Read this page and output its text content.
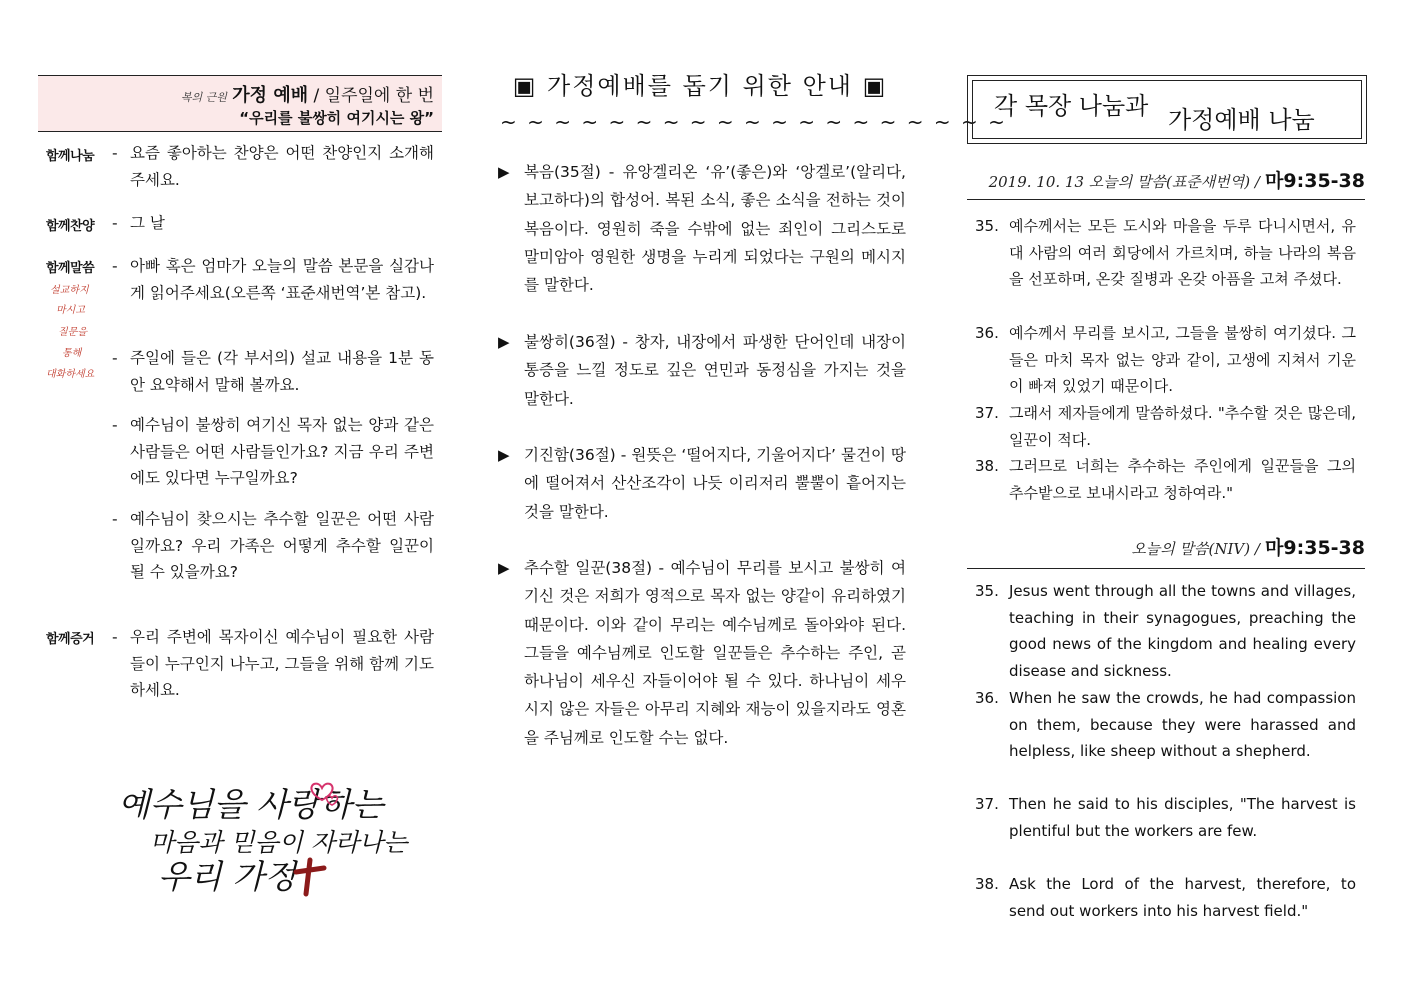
복의 근원 가정 예배 / 일주일에 한 번
“우리를 불쌍히 여기시는 왕”
함께나눔 - 요즘 좋아하는 찬양은 어떤 찬양인지 소개해 주세요.
함께찬양 - 그 날
함께말씀
설교하지
마시고
질문을
통해
대화하세요
- 아빠 혹은 엄마가 오늘의 말씀 본문을 실감나게 읽어주세요(오른쪽 ‘표준새번역’본 참고).
- 주일에 들은 (각 부서의) 설교 내용을 1분 동안 요약해서 말해 볼까요.
- 예수님이 불쌍히 여기신 목자 없는 양과 같은 사람들은 어떤 사람들인가요? 지금 우리 주변에도 있다면 누구일까요?
- 예수님이 찾으시는 추수할 일꾼은 어떤 사람일까요? 우리 가족은 어떻게 추수할 일꾼이 될 수 있을까요?
함께증거 - 우리 주변에 목자이신 예수님이 필요한 사람들이 누구인지 나누고, 그들을 위해 함께 기도하세요.
예수님을 사랑하는
마음과 믿음이 자라나는
우리 가정
▣ 가정예배를 돕기 위한 안내 ▣
~ ~ ~ ~ ~ ~ ~ ~ ~ ~ ~ ~ ~ ~ ~ ~ ~ ~ ~
▶ 복음(35절) - 유앙겔리온 ‘유’(좋은)와 ‘앙겔로’(알리다, 보고하다)의 합성어. 복된 소식, 좋은 소식을 전하는 것이 복음이다. 영원히 죽을 수밖에 없는 죄인이 그리스도로 말미암아 영원한 생명을 누리게 되었다는 구원의 메시지를 말한다.
▶ 불쌍히(36절) - 창자, 내장에서 파생한 단어인데 내장이 통증을 느낄 정도로 깊은 연민과 동정심을 가지는 것을 말한다.
▶ 기진함(36절) - 원뜻은 ‘떨어지다, 기울어지다’ 물건이 땅에 떨어져서 산산조각이 나듯 이리저리 뿔뿔이 흩어지는 것을 말한다.
▶ 추수할 일꾼(38절) - 예수님이 무리를 보시고 불쌍히 여기신 것은 저희가 영적으로 목자 없는 양같이 유리하였기 때문이다. 이와 같이 무리는 예수님께로 돌아와야 된다. 그들을 예수님께로 인도할 일꾼들은 추수하는 주인, 곧 하나님이 세우신 자들이어야 될 수 있다. 하나님이 세우시지 않은 자들은 아무리 지혜와 재능이 있을지라도 영혼을 주님께로 인도할 수는 없다.
각 목장 나눔과 가정예배 나눔
2019. 10. 13 오늘의 말씀(표준새번역) / 마9:35-38
35. 예수께서는 모든 도시와 마을을 두루 다니시면서, 유대 사람의 여러 회당에서 가르치며, 하늘 나라의 복음을 선포하며, 온갖 질병과 온갖 아픔을 고쳐 주셨다.
36. 예수께서 무리를 보시고, 그들을 불쌍히 여기셨다. 그들은 마치 목자 없는 양과 같이, 고생에 지쳐서 기운이 빠져 있었기 때문이다.
37. 그래서 제자들에게 말씀하셨다. "추수할 것은 많은데, 일꾼이 적다.
38. 그러므로 너희는 추수하는 주인에게 일꾼들을 그의 추수밭으로 보내시라고 청하여라."
오늘의 말씀(NIV) / 마9:35-38
35. Jesus went through all the towns and villages, teaching in their synagogues, preaching the good news of the kingdom and healing every disease and sickness.
36. When he saw the crowds, he had compassion on them, because they were harassed and helpless, like sheep without a shepherd.
37. Then he said to his disciples, "The harvest is plentiful but the workers are few.
38. Ask the Lord of the harvest, therefore, to send out workers into his harvest field."
